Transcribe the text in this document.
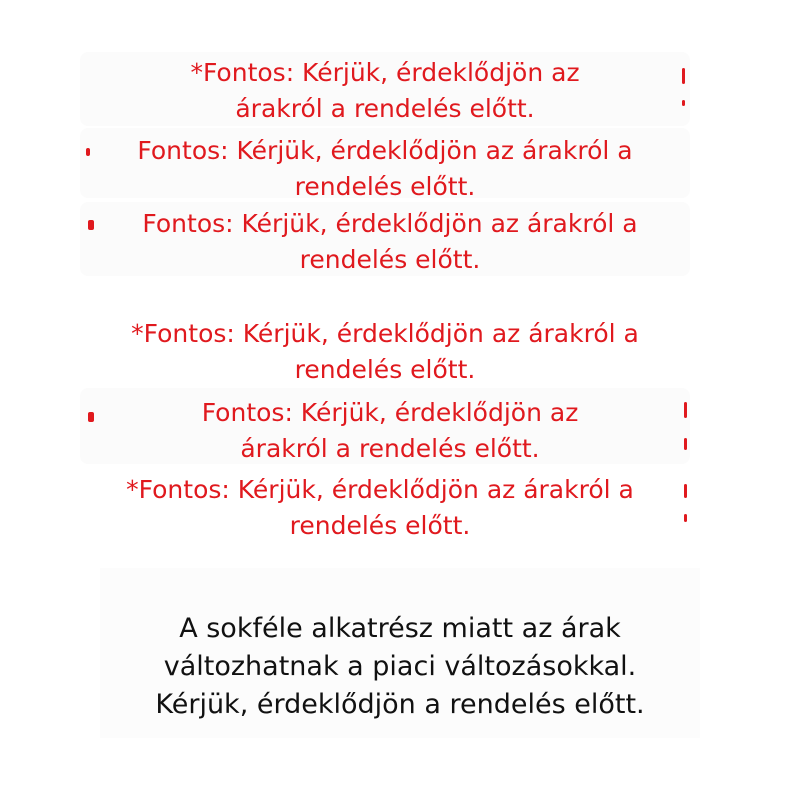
*Fontos: Kérjük, érdeklődjön az
árakról a rendelés előtt.
Fontos: Kérjük, érdeklődjön az árakról a
rendelés előtt.
Fontos: Kérjük, érdeklődjön az árakról a
rendelés előtt.
*Fontos: Kérjük, érdeklődjön az árakról a
rendelés előtt.
Fontos: Kérjük, érdeklődjön az
árakról a rendelés előtt.
*Fontos: Kérjük, érdeklődjön az árakról a
rendelés előtt.
A sokféle alkatrész miatt az árak
változhatnak a piaci változásokkal.
Kérjük, érdeklődjön a rendelés előtt.
